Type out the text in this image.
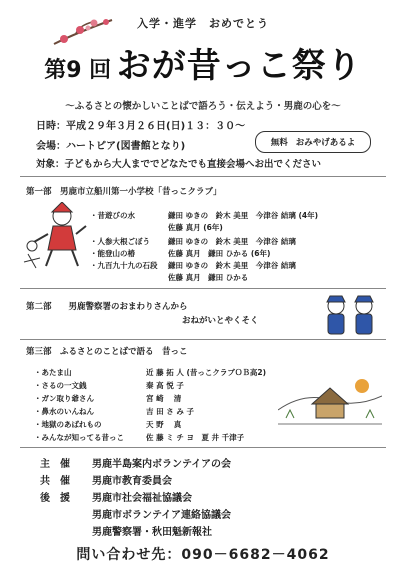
入学・進学　おめでとう
第9 回 おが昔っこ祭り
～ふるさとの懐かしいことばで語ろう・伝えよう・男鹿の心を～
日時：平成２９年３月２６日(日)１３：３０～
会場：ハートピア(図書館となり)
対象：子どもから大人まででどなたでも直接会場へお出でください
無料 おみやげあるよ
第一部　男鹿市立船川第一小学校「昔っこクラブ」
・昔遊びの水	鎌田 ゆきの　鈴木 美里　今津谷 結璃 (4年)
佐藤 真月 (6年)
・人参大根ごぼう 鎌田 ゆきの　鈴木 美里　今津谷 結璃
・能登山の椿	佐藤 真月　鎌田 ひかる (6年)
・九百九十九の石段 鎌田 ゆきの　鈴木 美里　今津谷 結璃
佐藤 真月　鎌田 ひかる
第二部　　男鹿警察署のおまわりさんから
おねがいとやくそく
第三部　ふるさとのことばで語る　昔っこ
・あたま山	近 藤 拓 人 (昔っこクラブＯＢ高2)
・さるの一文銭	秦 高 悦 子
・ガン取り爺さん	宮 崎　 清
・鼻水のいんねん	吉 田 さ み 子
・地獄のあばれもの	天 野　 真
・みんなが知ってる昔っこ	佐 藤 ミ チ ヨ　夏 井 千津子
主　催 男鹿半島案内ボランテイアの会
共　催 男鹿市教育委員会
後　援 男鹿市社会福祉協議会
男鹿市ボランテイア連絡協議会
男鹿警察署・秋田魁新報社
問い合わせ先：090－6682－4062
